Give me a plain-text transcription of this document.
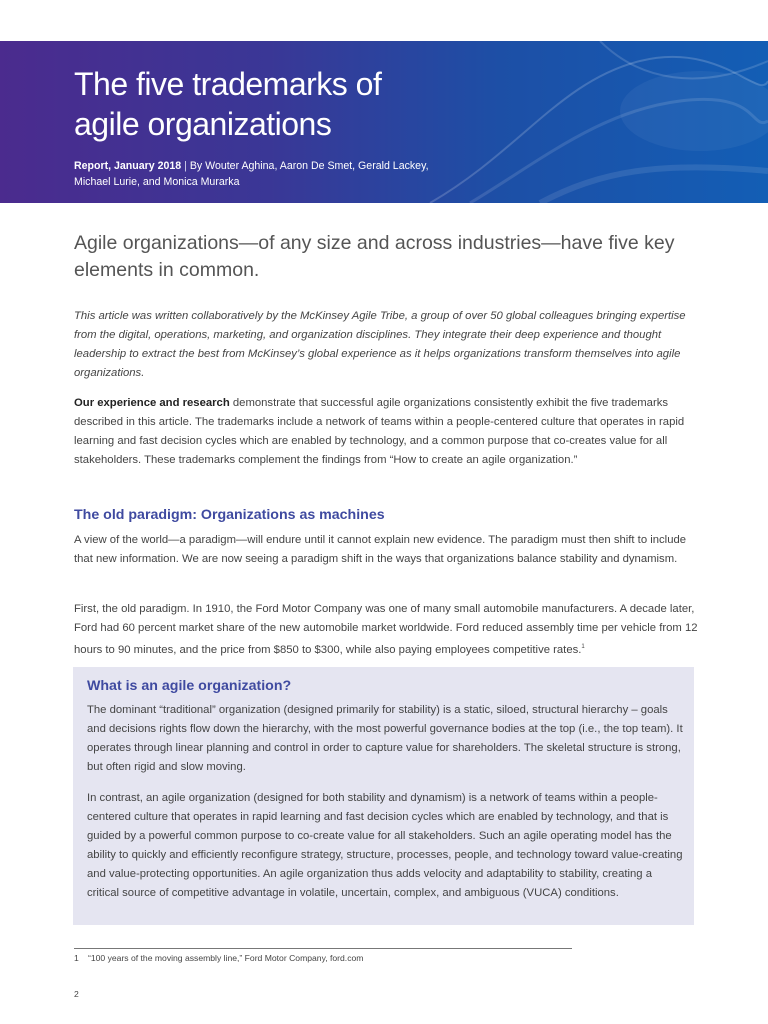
The five trademarks of
agile organizations

Report, January 2018 | By Wouter Aghina, Aaron De Smet, Gerald Lackey,
Michael Lurie, and Monica Murarka

Agile organizations—of any size and across industries—have five key elements in common.

This article was written collaboratively by the McKinsey Agile Tribe, a group of over 50 global colleagues bringing expertise from the digital, operations, marketing, and organization disciplines. They integrate their deep experience and thought leadership to extract the best from McKinsey’s global experience as it helps organizations transform themselves into agile organizations.

Our experience and research demonstrate that successful agile organizations consistently exhibit the five trademarks described in this article. The trademarks include a network of teams within a people-centered culture that operates in rapid learning and fast decision cycles which are enabled by technology, and a common purpose that co-creates value for all stakeholders. These trademarks complement the findings from “How to create an agile organization.”

The old paradigm: Organizations as machines

A view of the world—a paradigm—will endure until it cannot explain new evidence. The paradigm must then shift to include that new information. We are now seeing a paradigm shift in the ways that organizations balance stability and dynamism.

First, the old paradigm. In 1910, the Ford Motor Company was one of many small automobile manufacturers. A decade later, Ford had 60 percent market share of the new automobile market worldwide. Ford reduced assembly time per vehicle from 12 hours to 90 minutes, and the price from $850 to $300, while also paying employees competitive rates.$^1$

What is an agile organization?

The dominant “traditional” organization (designed primarily for stability) is a static, siloed, structural hierarchy – goals and decisions rights flow down the hierarchy, with the most powerful governance bodies at the top (i.e., the top team). It operates through linear planning and control in order to capture value for shareholders. The skeletal structure is strong, but often rigid and slow moving.

In contrast, an agile organization (designed for both stability and dynamism) is a network of teams within a people-centered culture that operates in rapid learning and fast decision cycles which are enabled by technology, and that is guided by a powerful common purpose to co-create value for all stakeholders. Such an agile operating model has the ability to quickly and efficiently reconfigure strategy, structure, processes, people, and technology toward value-creating and value-protecting opportunities. An agile organization thus adds velocity and adaptability to stability, creating a critical source of competitive advantage in volatile, uncertain, complex, and ambiguous (VUCA) conditions.

1 “100 years of the moving assembly line,” Ford Motor Company, ford.com

2
